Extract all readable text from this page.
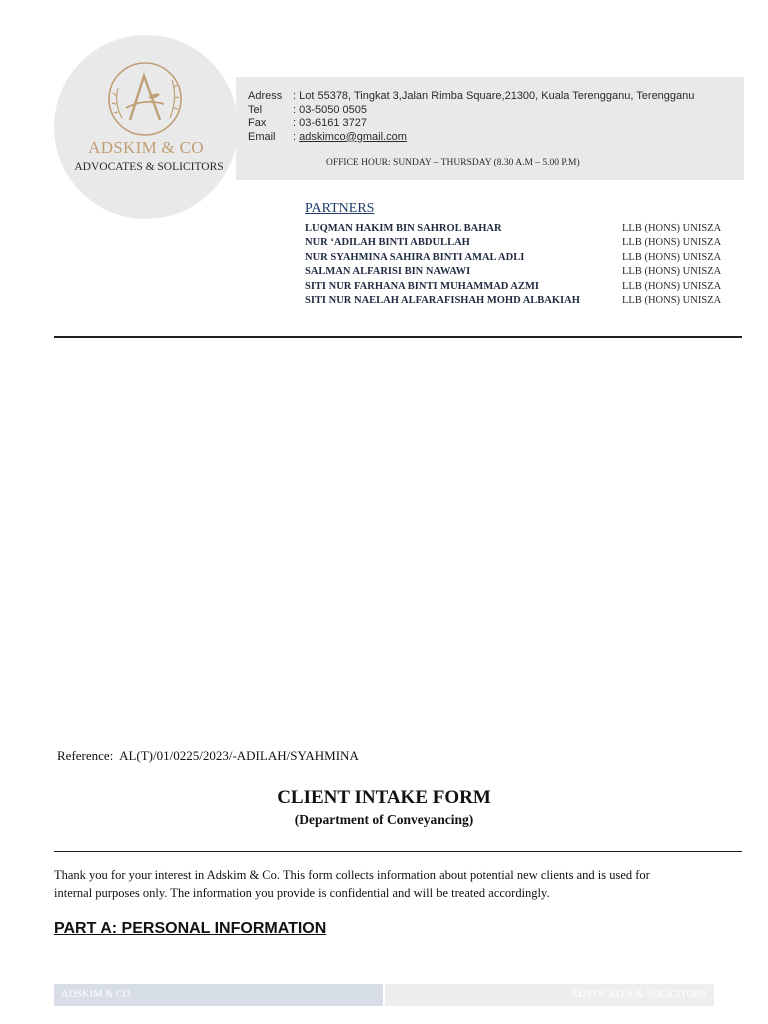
ADSKIM & CO
ADVOCATES & SOLICITORS
Adress : Lot 55378, Tingkat 3,Jalan Rimba Square,21300, Kuala Terengganu, Terengganu
Tel	: 03-5050 0505
Fax	: 03-6161 3727
Email	: adskimco@gmail.com
OFFICE HOUR: SUNDAY – THURSDAY (8.30 A.M – 5.00 P.M)
PARTNERS
LUQMAN HAKIM BIN SAHROL BAHAR	LLB (HONS) UNISZA
NUR ‘ADILAH BINTI ABDULLAH	LLB (HONS) UNISZA
NUR SYAHMINA SAHIRA BINTI AMAL ADLI	LLB (HONS) UNISZA
SALMAN ALFARISI BIN NAWAWI	LLB (HONS) UNISZA
SITI NUR FARHANA BINTI MUHAMMAD AZMI	LLB (HONS) UNISZA
SITI NUR NAELAH ALFARAFISHAH MOHD ALBAKIAH	LLB (HONS) UNISZA
Reference:  AL(T)/01/0225/2023/-ADILAH/SYAHMINA
CLIENT INTAKE FORM
(Department of Conveyancing)
Thank you for your interest in Adskim & Co. This form collects information about potential new clients and is used for
internal purposes only. The information you provide is confidential and will be treated accordingly.
PART A: PERSONAL INFORMATION
ADSKIM & CO	ADVOCATES & SOLICITORS
